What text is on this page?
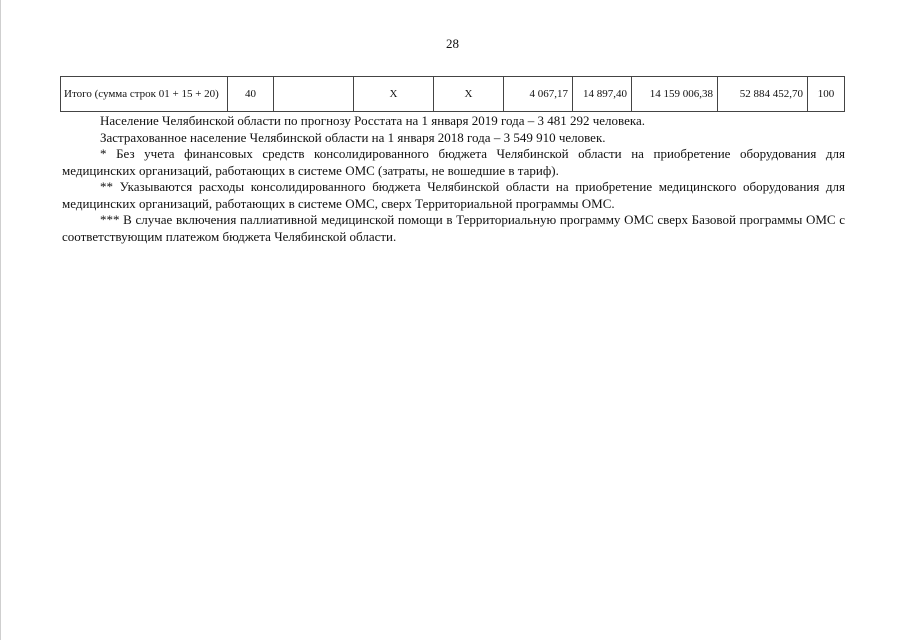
28
Итого (сумма строк 01 + 15 + 20)	40		Х	Х	4 067,17	14 897,40	14 159 006,38	52 884 452,70	100

Население Челябинской области по прогнозу Росстата на 1 января 2019 года – 3 481 292 человека.

Застрахованное население Челябинской области на 1 января 2018 года – 3 549 910 человек.

* Без учета финансовых средств консолидированного бюджета Челябинской области на приобретение оборудования для медицинских организаций, работающих в системе ОМС (затраты, не вошедшие в тариф).

** Указываются расходы консолидированного бюджета Челябинской области на приобретение медицинского оборудования для медицинских организаций, работающих в системе ОМС, сверх Территориальной программы ОМС.

*** В случае включения паллиативной медицинской помощи в Территориальную программу ОМС сверх Базовой программы ОМС с соответствующим платежом бюджета Челябинской области.
